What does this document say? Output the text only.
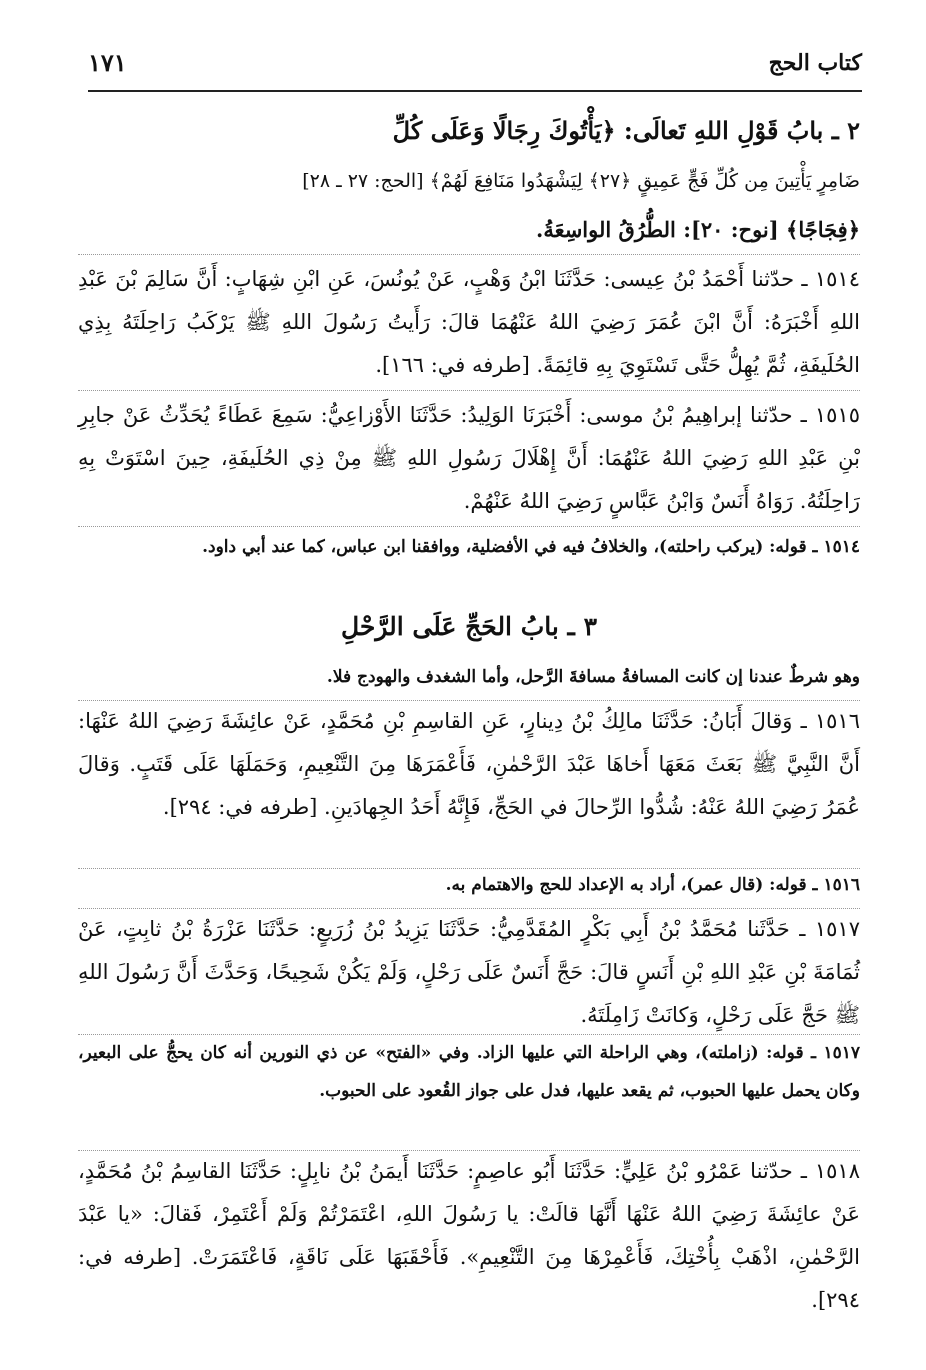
كتاب الحج
١٧١
٢ ـ بابُ قَوْلِ اللهِ تَعالَى: ﴿يَأْتُوكَ رِجَالًا وَعَلَى كُلِّ
ضَامِرٍ يَأْتِينَ مِن كُلِّ فَجٍّ عَمِيقٍ ﴿٢٧﴾ لِيَشْهَدُوا مَنَافِعَ لَهُمْ﴾ [الحج: ٢٧ ـ ٢٨]
﴿فِجَاجًا﴾ [نوح: ٢٠]: الطُّرُقُ الواسِعَةُ.
١٥١٤ ـ حدّثنا أَحْمَدُ بْنُ عِيسى: حَدَّثَنَا ابْنُ وَهْبٍ، عَنْ يُونُسَ، عَنِ ابْنِ شِهَابٍ: أَنَّ سَالِمَ بْنَ عَبْدِ اللهِ أَخْبَرَهُ: أَنَّ ابْنَ عُمَرَ رَضِيَ اللهُ عَنْهُمَا قالَ: رَأَيتُ رَسُولَ اللهِ ﷺ يَرْكَبُ رَاحِلَتَهُ بِذِي الحُلَيفَةِ، ثُمَّ يُهِلُّ حَتَّى تَسْتَوِيَ بِهِ قائِمَةً. [طرفه في: ١٦٦].
١٥١٥ ـ حدّثنا إبراهِيمُ بْنُ موسى: أَخْبَرَنَا الوَلِيدُ: حَدَّثَنَا الأَوْزاعِيُّ: سَمِعَ عَطَاءً يُحَدِّثُ عَنْ جابِرِ بْنِ عَبْدِ اللهِ رَضِيَ اللهُ عَنْهُمَا: أَنَّ إِهْلَالَ رَسُولِ اللهِ ﷺ مِنْ ذِي الحُلَيفَةِ، حِينَ اسْتَوَتْ بِهِ رَاحِلَتُهُ. رَوَاهُ أَنَسٌ وَابْنُ عَبَّاسٍ رَضِيَ اللهُ عَنْهُمْ.
١٥١٤ ـ قوله: (يركب راحلته)، والخلافُ فيه في الأفضلية، ووافقنا ابن عباس، كما عند أبي داود.
٣ ـ بابُ الحَجِّ عَلَى الرَّحْلِ
وهو شرطٌ عندنا إن كانت المسافةُ مسافةَ الرَّحل، وأما الشغدف والهودج فلا.
١٥١٦ ـ وَقالَ أَبَانُ: حَدَّثَنَا مالِكُ بْنُ دِينارٍ، عَنِ القاسِمِ بْنِ مُحَمَّدٍ، عَنْ عائِشَةَ رَضِيَ اللهُ عَنْهَا: أَنَّ النَّبِيَّ ﷺ بَعَثَ مَعَهَا أَخاهَا عَبْدَ الرَّحْمٰنِ، فَأَعْمَرَهَا مِنَ التَّنْعِيمِ، وَحَمَلَهَا عَلَى قَتَبٍ. وَقالَ عُمَرُ رَضِيَ اللهُ عَنْهُ: شُدُّوا الرِّحالَ في الحَجِّ، فَإِنَّهُ أَحَدُ الجِهادَينِ. [طرفه في: ٢٩٤].
١٥١٦ ـ قوله: (قال عمر)، أراد به الإعداد للحج والاهتمام به.
١٥١٧ ـ حَدَّثَنا مُحَمَّدُ بْنُ أَبِي بَكْرٍ المُقَدَّمِيُّ: حَدَّثَنَا يَزِيدُ بْنُ زُرَيعٍ: حَدَّثَنَا عَزْرَةُ بْنُ ثابِتٍ، عَنْ ثُمَامَةَ بْنِ عَبْدِ اللهِ بْنِ أَنَسٍ قالَ: حَجَّ أَنَسٌ عَلَى رَحْلٍ، وَلَمْ يَكُنْ شَحِيحًا، وَحَدَّثَ أَنَّ رَسُولَ اللهِ ﷺ حَجَّ عَلَى رَحْلٍ، وَكانَتْ زَامِلَتَهُ.
١٥١٧ ـ قوله: (زاملته)، وهي الراحلة التي عليها الزاد. وفي «الفتح» عن ذي النورين أنه كان يحجُّ على البعير، وكان يحمل عليها الحبوب، ثم يقعد عليها، فدل على جواز القُعود على الحبوب.
١٥١٨ ـ حدّثنا عَمْرُو بْنُ عَلِيٍّ: حَدَّثَنَا أَبُو عاصِمٍ: حَدَّثَنَا أَيمَنُ بْنُ نابِلٍ: حَدَّثَنَا القاسِمُ بْنُ مُحَمَّدٍ، عَنْ عائِشَةَ رَضِيَ اللهُ عَنْهَا أَنَّهَا قالَتْ: يا رَسُولَ اللهِ، اعْتَمَرْتُمْ وَلَمْ أَعْتَمِرْ، فَقالَ: «يا عَبْدَ الرَّحْمٰنِ، اذْهَبْ بِأُخْتِكَ، فَأَعْمِرْهَا مِنَ التَّنْعِيمِ». فَأَحْقَبَهَا عَلَى نَاقَةٍ، فَاعْتَمَرَتْ. [طرفه في: ٢٩٤].
